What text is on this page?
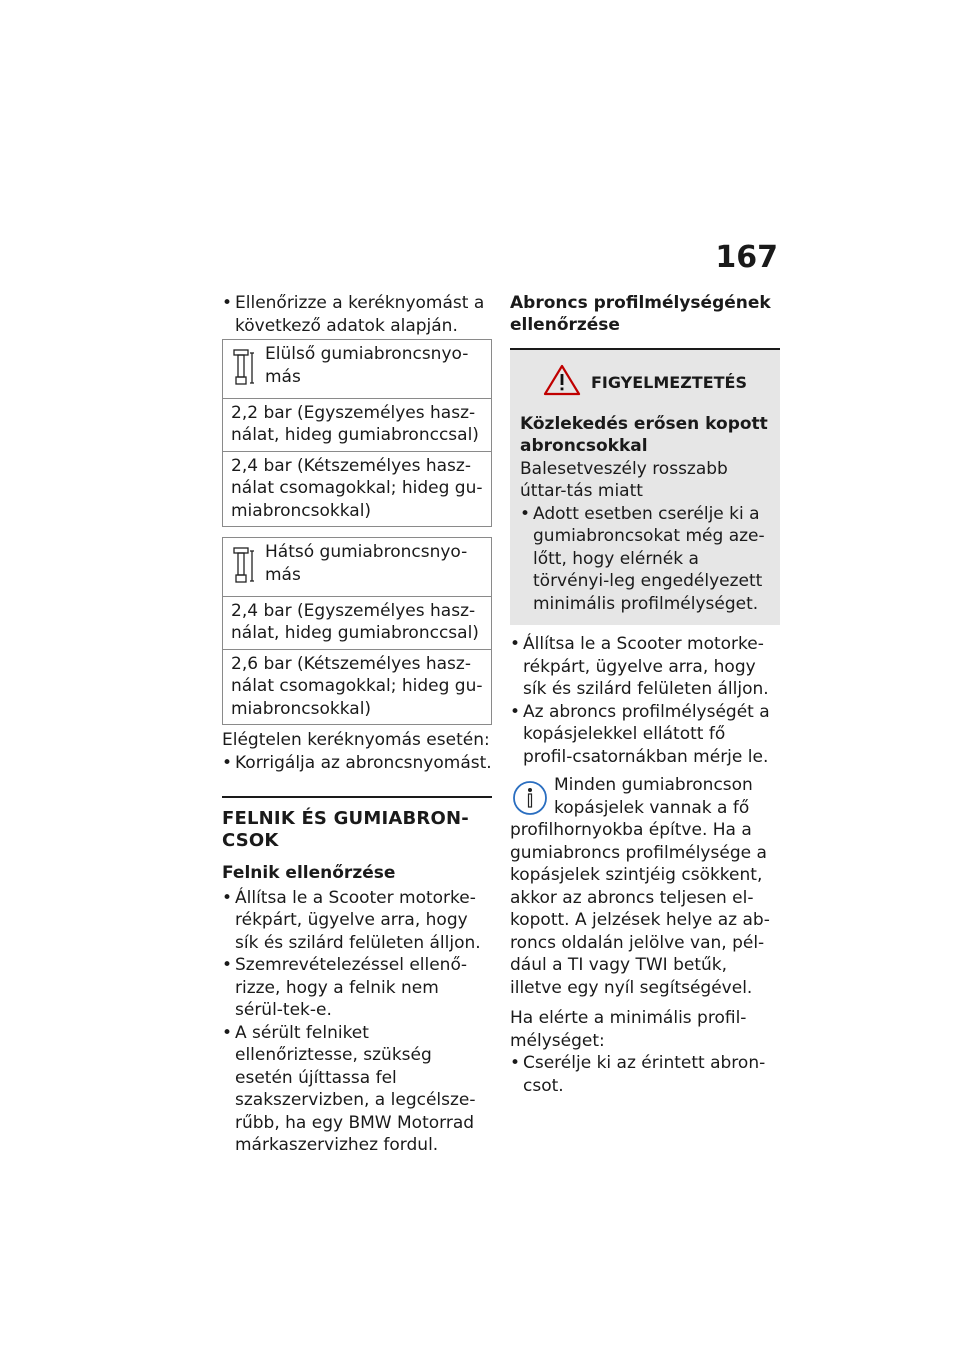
167
• Ellenőrizze a keréknyomást a
következő adatok alapján.
Elülső gumiabroncsnyo-más

2,2 bar (Egyszemélyes hasz-nálat, hideg gumiabronccsal)
2,4 bar (Kétszemélyes hasz-nálat csomagokkal; hideg gu-miabroncsokkal)
Hátsó gumiabroncsnyo-más

2,4 bar (Egyszemélyes hasz-nálat, hideg gumiabronccsal)
2,6 bar (Kétszemélyes hasz-nálat csomagokkal; hideg gu-miabroncsokkal)

Elégtelen keréknyomás esetén:

• Korrigálja az abroncsnyomást.

FELNIK ÉS GUMIABRON-CSOK
Felnik ellenőrzése

• Állítsa le a Scooter motorke-rékpárt, ügyelve arra, hogy sík és szilárd felületen álljon.

• Szemrevételezéssel ellenő-rizze, hogy a felnik nem sérül-tek-e.

• A sérült felniket ellenőriztesse, szükség esetén újíttassa fel szakszervizben, a legcélsze-rűbb, ha egy BMW Motorrad márkaszervizhez fordul.

Abroncs profilmélységének ellenőrzése
FIGYELMEZTETÉS
Közlekedés erősen kopott abroncsokkal
Balesetveszély rosszabb úttar-tás miatt

• Adott esetben cserélje ki a gumiabroncsokat még aze-lőtt, hogy elérnék a törvényi-leg engedélyezett minimális profilmélységet.

• Állítsa le a Scooter motorke-rékpárt, ügyelve arra, hogy sík és szilárd felületen álljon.

• Az abroncs profilmélységét a kopásjelekkel ellátott fő profil-csatornákban mérje le.

Minden gumiabroncson kopásjelek vannak a fő

profilhornyokba építve. Ha a gumiabroncs profilmélysége a kopásjelek szintjéig csökkent, akkor az abroncs teljesen el-kopott. A jelzések helye az ab-roncs oldalán jelölve van, pél-dául a TI vagy TWI betűk, illetve egy nyíl segítségével.

Ha elérte a minimális profil-mélységet:

• Cserélje ki az érintett abron-csot.
